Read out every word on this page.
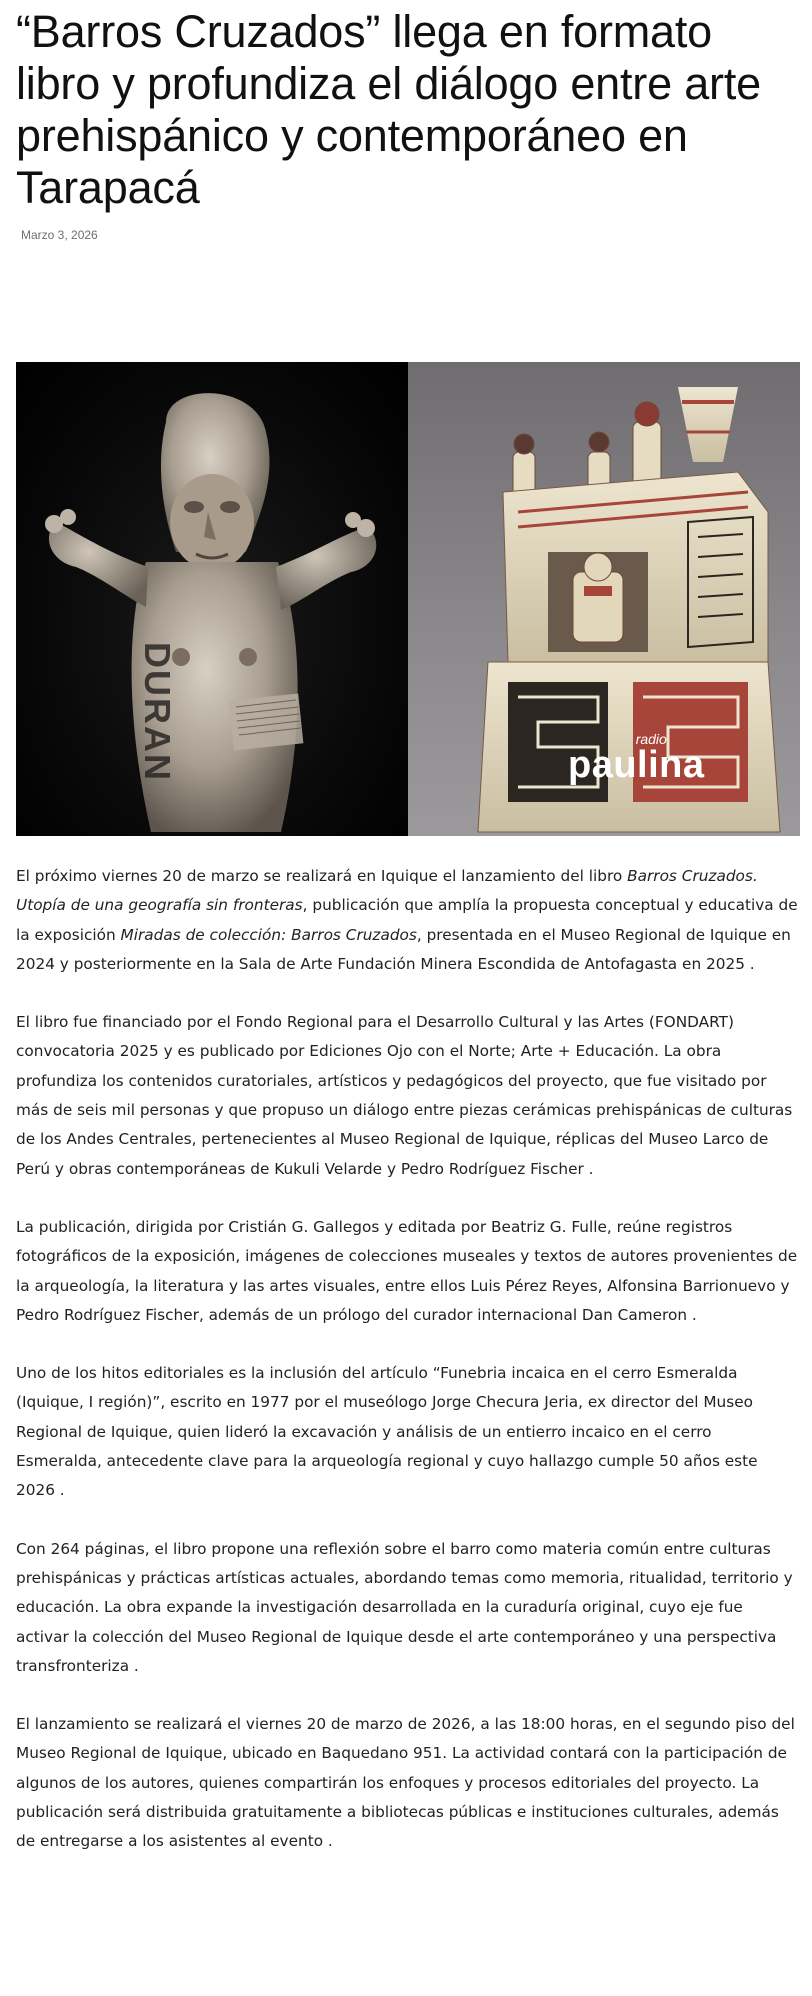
“Barros Cruzados” llega en formato libro y profundiza el diálogo entre arte prehispánico y contemporáneo en Tarapacá
Marzo 3, 2026
DURAN	radio
paulina

El próximo viernes 20 de marzo se realizará en Iquique el lanzamiento del libro Barros Cruzados. Utopía de una geografía sin fronteras, publicación que amplía la propuesta conceptual y educativa de la exposición Miradas de colección: Barros Cruzados, presentada en el Museo Regional de Iquique en 2024 y posteriormente en la Sala de Arte Fundación Minera Escondida de Antofagasta en 2025 .

El libro fue financiado por el Fondo Regional para el Desarrollo Cultural y las Artes (FONDART) convocatoria 2025 y es publicado por Ediciones Ojo con el Norte; Arte + Educación. La obra profundiza los contenidos curatoriales, artísticos y pedagógicos del proyecto, que fue visitado por más de seis mil personas y que propuso un diálogo entre piezas cerámicas prehispánicas de culturas de los Andes Centrales, pertenecientes al Museo Regional de Iquique, réplicas del Museo Larco de Perú y obras contemporáneas de Kukuli Velarde y Pedro Rodríguez Fischer .

La publicación, dirigida por Cristián G. Gallegos y editada por Beatriz G. Fulle, reúne registros fotográficos de la exposición, imágenes de colecciones museales y textos de autores provenientes de la arqueología, la literatura y las artes visuales, entre ellos Luis Pérez Reyes, Alfonsina Barrionuevo y Pedro Rodríguez Fischer, además de un prólogo del curador internacional Dan Cameron .

Uno de los hitos editoriales es la inclusión del artículo “Funebria incaica en el cerro Esmeralda (Iquique, I región)”, escrito en 1977 por el museólogo Jorge Checura Jeria, ex director del Museo Regional de Iquique, quien lideró la excavación y análisis de un entierro incaico en el cerro Esmeralda, antecedente clave para la arqueología regional y cuyo hallazgo cumple 50 años este 2026 .

Con 264 páginas, el libro propone una reflexión sobre el barro como materia común entre culturas prehispánicas y prácticas artísticas actuales, abordando temas como memoria, ritualidad, territorio y educación. La obra expande la investigación desarrollada en la curaduría original, cuyo eje fue activar la colección del Museo Regional de Iquique desde el arte contemporáneo y una perspectiva transfronteriza .

El lanzamiento se realizará el viernes 20 de marzo de 2026, a las 18:00 horas, en el segundo piso del Museo Regional de Iquique, ubicado en Baquedano 951. La actividad contará con la participación de algunos de los autores, quienes compartirán los enfoques y procesos editoriales del proyecto. La publicación será distribuida gratuitamente a bibliotecas públicas e instituciones culturales, además de entregarse a los asistentes al evento .
